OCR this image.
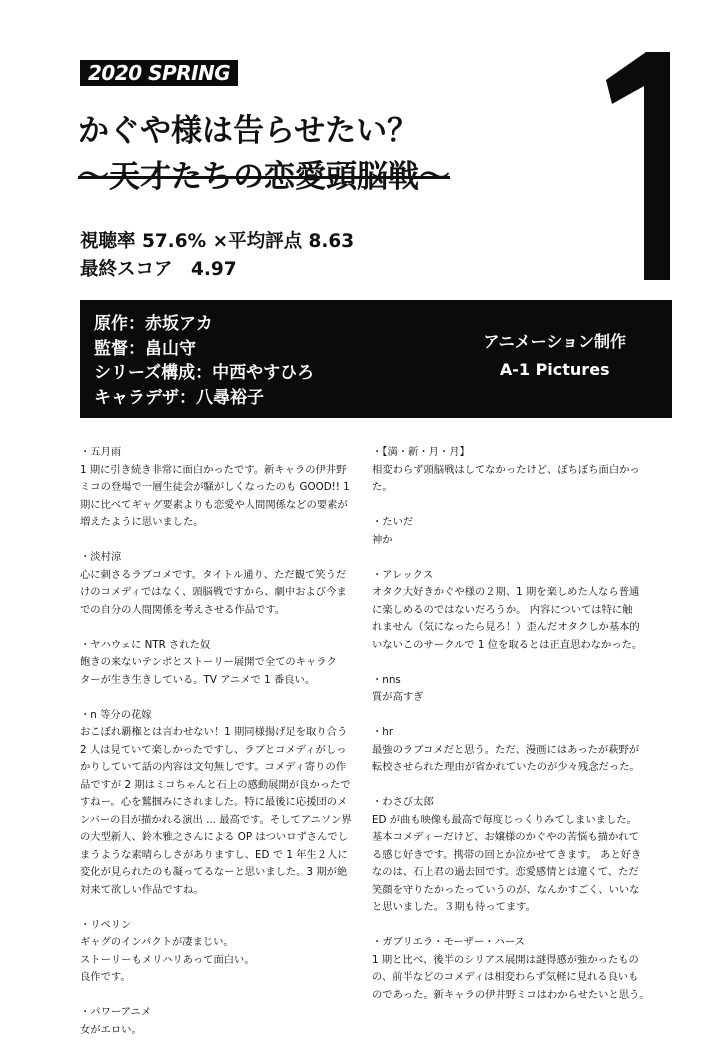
2020 SPRING
1
かぐや様は告らせたい？
〜天才たちの恋愛頭脳戦〜
視聴率 57.6% ×平均評点 8.63
最終スコア　4.97
原作：赤坂アカ
監督：畠山守
シリーズ構成：中西やすひろ
キャラデザ：八尋裕子
アニメーション制作
A-1 Pictures
・五月雨
1 期に引き続き非常に面白かったです。新キャラの伊井野
ミコの登場で一層生徒会が騒がしくなったのも GOOD!! 1
期に比べてギャグ要素よりも恋愛や人間関係などの要素が
増えたように思いました。
・淡村涼
心に刺さるラブコメです。タイトル通り、ただ観て笑うだ
けのコメディではなく、頭脳戦ですから、劇中および今ま
での自分の人間関係を考えさせる作品です。
・ヤハウェに NTR された奴
飽きの来ないテンポとストーリー展開で全てのキャラク
ターが生き生きしている。TV アニメで 1 番良い。
・n 等分の花嫁
おこぼれ覇権とは言わせない！1 期同様揚げ足を取り合う
2 人は見ていて楽しかったですし、ラブとコメディがしっ
かりしていて話の内容は文句無しです。コメディ寄りの作
品ですが 2 期はミコちゃんと石上の感動展開が良かったで
すねー。心を鷲掴みにされました。特に最後に応援団のメ
ンバーの目が描かれる演出 ... 最高です。そしてアニソン界
の大型新人、鈴木雅之さんによる OP はついロずさんでし
まうような素晴らしさがありますし、ED で 1 年生２人に
変化が見られたのも凝ってるなーと思いました。3 期が絶
対来て欲しい作品ですね。
・リベリン
ギャグのインパクトが凄まじい。
ストーリーもメリハリあって面白い。
良作です。
・パワーアニメ
女がエロい。
・【満・新・月・月】
相変わらず頭脳戦はしてなかったけど、ぼちぼち面白かっ
た。
・たいだ
神か
・アレックス
オタク大好きかぐや様の２期、1 期を楽しめた人なら普通
に楽しめるのではないだろうか。 内容については特に触
れません（気になったら見ろ！）歪んだオタクしか基本的
いないこのサークルで 1 位を取るとは正直思わなかった。
・nns
質が高すぎ
・hr
最強のラブコメだと思う。ただ、漫画にはあったが萩野が
転校させられた理由が省かれていたのが少々残念だった。
・わさび太郎
ED が曲も映像も最高で毎度じっくりみてしまいました。
基本コメディーだけど、お嬢様のかぐやの苦悩も描かれて
る感じ好きです。携帯の回とか泣かせてきます。 あと好き
なのは、石上君の過去回です。恋愛感情とは違くて、ただ
笑顔を守りたかったっていうのが、なんかすごく、いいな
と思いました。３期も待ってます。
・ガブリエラ・モーザー・ハース
1 期と比べ、後半のシリアス展開は謎得感が強かったもの
の、前半などのコメディは相変わらず気軽に見れる良いも
のであった。新キャラの伊井野ミコはわからせたいと思う。
